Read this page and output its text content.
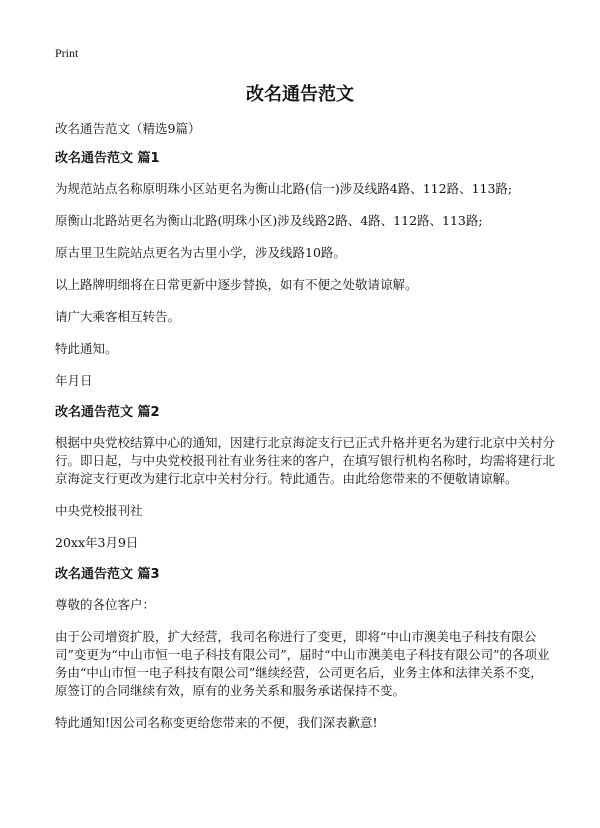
Print
改名通告范文

改名通告范文（精选9篇）

改名通告范文 篇1

为规范站点名称原明珠小区站更名为衡山北路(信一)涉及线路4路、112路、113路;

原衡山北路站更名为衡山北路(明珠小区)涉及线路2路、4路、112路、113路;

原古里卫生院站点更名为古里小学，涉及线路10路。

以上路牌明细将在日常更新中逐步替换，如有不便之处敬请谅解。

请广大乘客相互转告。

特此通知。

年月日

改名通告范文 篇2

根据中央党校结算中心的通知，因建行北京海淀支行已正式升格并更名为建行北京中关村分行。即日起，与中央党校报刊社有业务往来的客户，在填写银行机构名称时，均需将建行北京海淀支行更改为建行北京中关村分行。特此通告。由此给您带来的不便敬请谅解。

中央党校报刊社

20xx年3月9日

改名通告范文 篇3

尊敬的各位客户：

由于公司增资扩股，扩大经营，我司名称进行了变更，即将“中山市澳美电子科技有限公司”变更为“中山市恒一电子科技有限公司”，届时“中山市澳美电子科技有限公司”的各项业务由“中山市恒一电子科技有限公司”继续经营，公司更名后，业务主体和法律关系不变，原签订的合同继续有效，原有的业务关系和服务承诺保持不变。

特此通知!因公司名称变更给您带来的不便，我们深表歉意!
